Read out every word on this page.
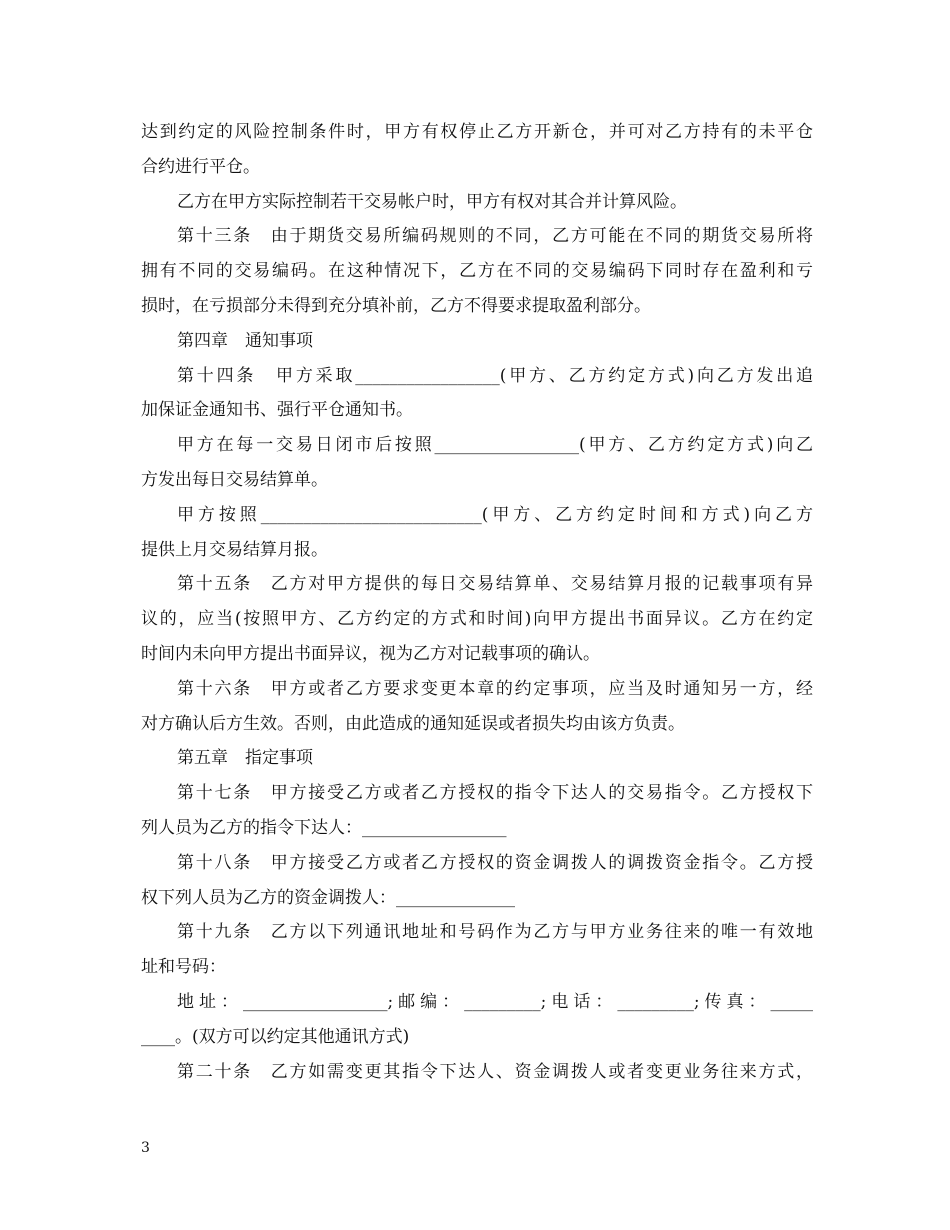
达到约定的风险控制条件时，甲方有权停止乙方开新仓，并可对乙方持有的未平仓
合约进行平仓。
乙方在甲方实际控制若干交易帐户时，甲方有权对其合并计算风险。
第十三条　由于期货交易所编码规则的不同，乙方可能在不同的期货交易所将
拥有不同的交易编码。在这种情况下，乙方在不同的交易编码下同时存在盈利和亏
损时，在亏损部分未得到充分填补前，乙方不得要求提取盈利部分。
第四章　通知事项
第十四条　甲方采取_________________(甲方、乙方约定方式)向乙方发出追
加保证金通知书、强行平仓通知书。
甲方在每一交易日闭市后按照_________________(甲方、乙方约定方式)向乙
方发出每日交易结算单。
甲方按照__________________________(甲方、乙方约定时间和方式)向乙方
提供上月交易结算月报。
第十五条　乙方对甲方提供的每日交易结算单、交易结算月报的记载事项有异
议的，应当(按照甲方、乙方约定的方式和时间)向甲方提出书面异议。乙方在约定
时间内未向甲方提出书面异议，视为乙方对记载事项的确认。
第十六条　甲方或者乙方要求变更本章的约定事项，应当及时通知另一方，经
对方确认后方生效。否则，由此造成的通知延误或者损失均由该方负责。
第五章　指定事项
第十七条　甲方接受乙方或者乙方授权的指令下达人的交易指令。乙方授权下
列人员为乙方的指令下达人：_________________
第十八条　甲方接受乙方或者乙方授权的资金调拨人的调拨资金指令。乙方授
权下列人员为乙方的资金调拨人：______________
第十九条　乙方以下列通讯地址和号码作为乙方与甲方业务往来的唯一有效地
址和号码：
地址：_________________;邮编：_________;电话：_________;传真：_____
____。(双方可以约定其他通讯方式)
第二十条　乙方如需变更其指令下达人、资金调拨人或者变更业务往来方式，
3
